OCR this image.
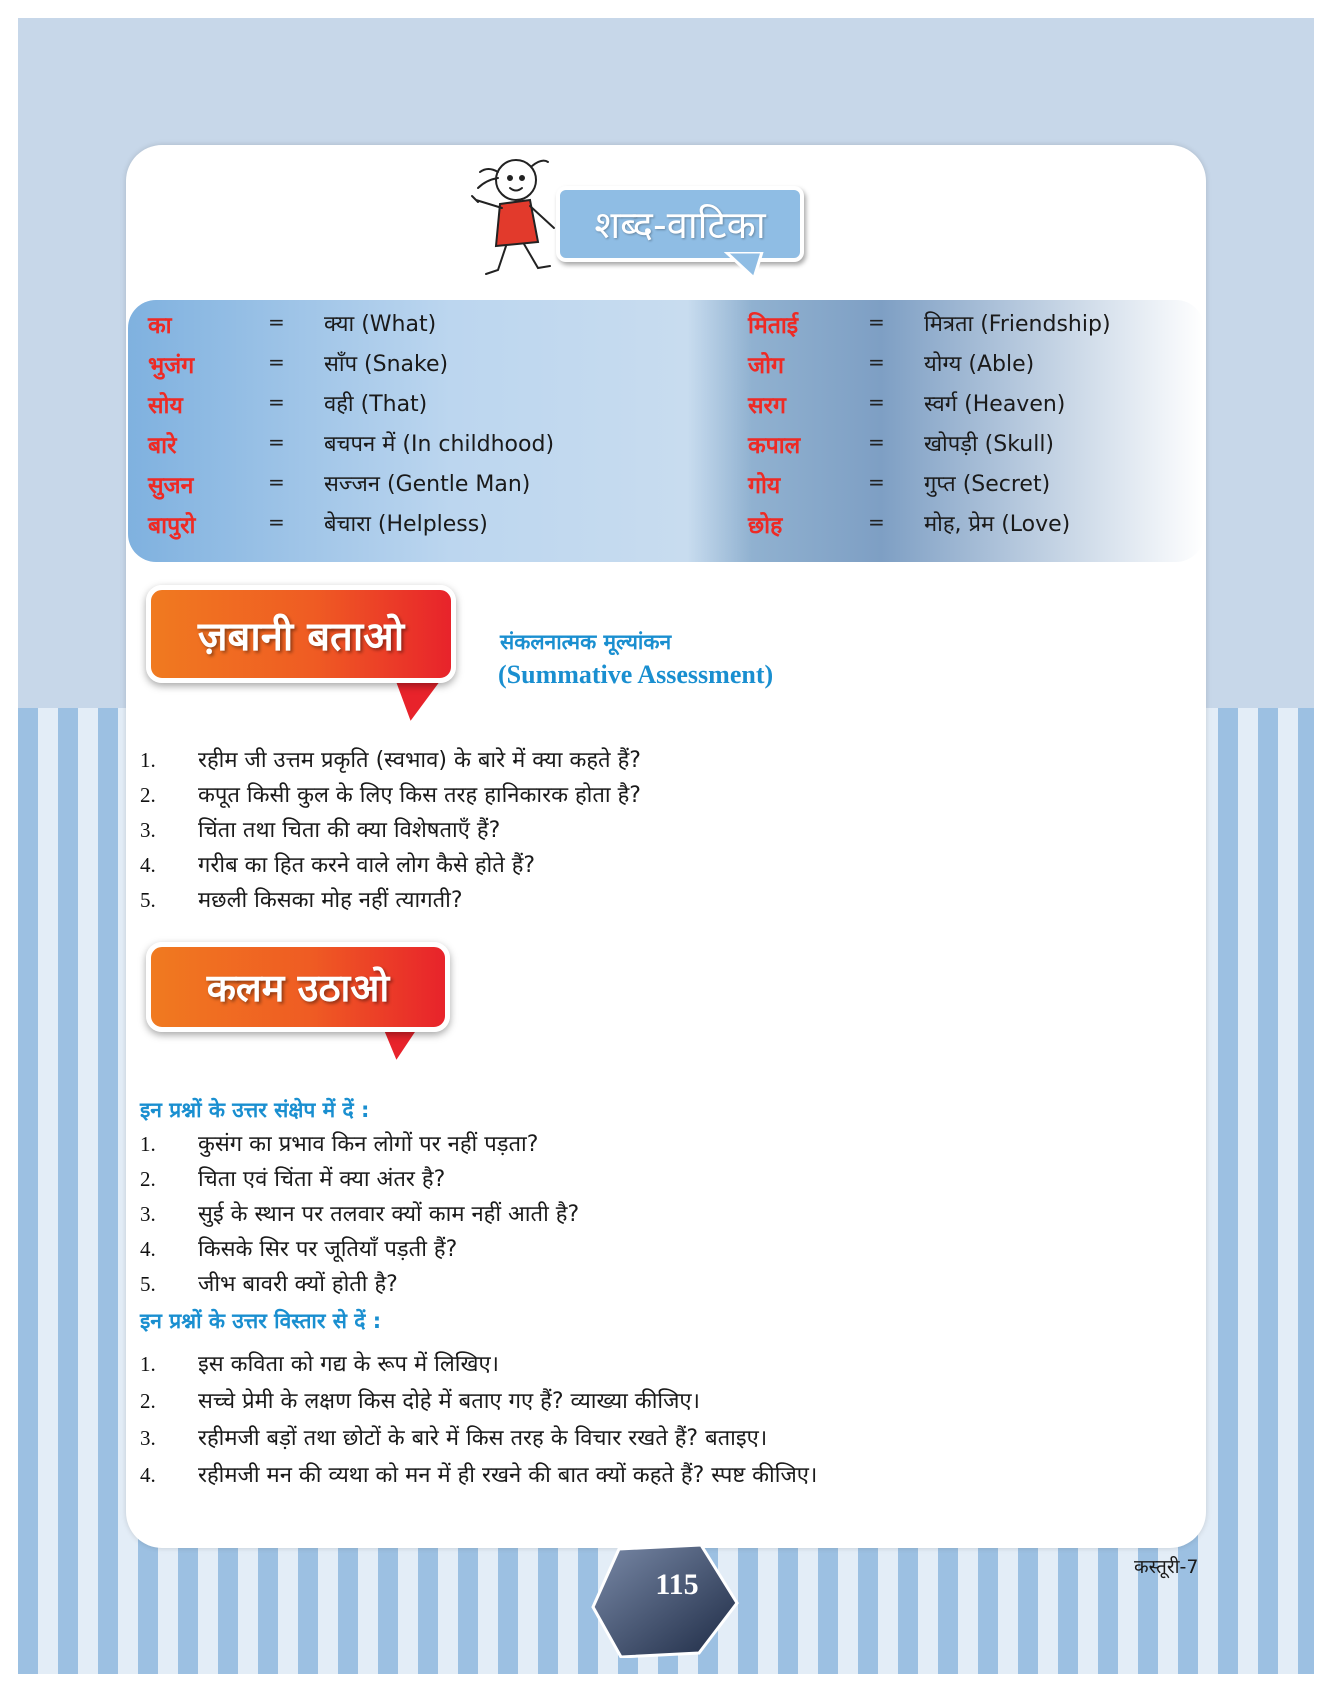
शब्द-वाटिका
का	= क्या (What)
भुजंग	= साँप (Snake)
सोय	= वही (That)
बारे	= बचपन में (In childhood)
सुजन	= सज्जन (Gentle Man)
बापुरो	= बेचारा (Helpless)
मिताई	= मित्रता (Friendship)
जोग	= योग्य (Able)
सरग	= स्वर्ग (Heaven)
कपाल	= खोपड़ी (Skull)
गोय	= गुप्त (Secret)
छोह	= मोह, प्रेम (Love)
ज़बानी बताओ	संकलनात्मक मूल्यांकन
(Summative Assessment)
1. रहीम जी उत्तम प्रकृति (स्वभाव) के बारे में क्या कहते हैं?
2. कपूत किसी कुल के लिए किस तरह हानिकारक होता है?
3. चिंता तथा चिता की क्या विशेषताएँ हैं?
4. गरीब का हित करने वाले लोग कैसे होते हैं?
5. मछली किसका मोह नहीं त्यागती?
कलम उठाओ
इन प्रश्नों के उत्तर संक्षेप में दें :
1. कुसंग का प्रभाव किन लोगों पर नहीं पड़ता?
2. चिता एवं चिंता में क्या अंतर है?
3. सुई के स्थान पर तलवार क्यों काम नहीं आती है?
4. किसके सिर पर जूतियाँ पड़ती हैं?
5. जीभ बावरी क्यों होती है?
इन प्रश्नों के उत्तर विस्तार से दें :
1. इस कविता को गद्य के रूप में लिखिए।
2. सच्चे प्रेमी के लक्षण किस दोहे में बताए गए हैं? व्याख्या कीजिए।
3. रहीमजी बड़ों तथा छोटों के बारे में किस तरह के विचार रखते हैं? बताइए।
4. रहीमजी मन की व्यथा को मन में ही रखने की बात क्यों कहते हैं? स्पष्ट कीजिए।
115
कस्तूरी-7
